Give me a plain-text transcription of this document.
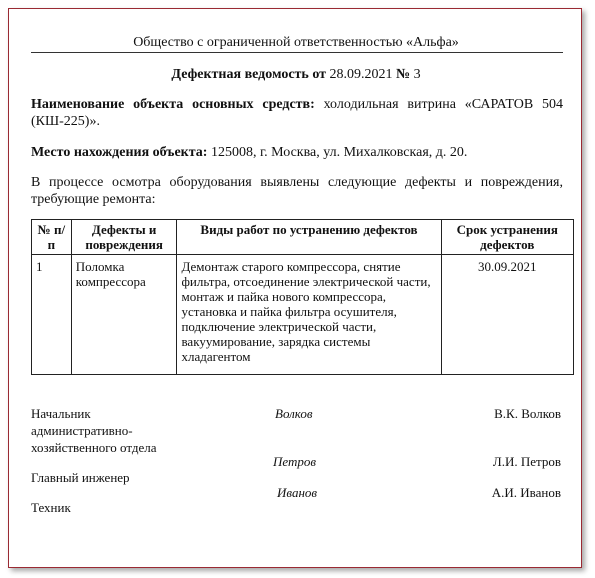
Общество с ограниченной ответственностью «Альфа»
Дефектная ведомость от 28.09.2021 № 3
Наименование объекта основных средств: холодильная витрина «САРАТОВ 504 (КШ-225)».
Место нахождения объекта: 125008, г. Москва, ул. Михалковская, д. 20.
В процессе осмотра оборудования выявлены следующие дефекты и повреждения, требующие ремонта:
№ п/п	Дефекты и повреждения	Виды работ по устранению дефектов	Срок устранения дефектов
1	Поломка компрессора	Демонтаж старого компрессора, снятие фильтра, отсоединение электрической части, монтаж и пайка нового компрессора, установка и пайка фильтра осушителя, подключение электрической части, вакуумирование, зарядка системы хладагентом	30.09.2021
Начальник административно-хозяйственного отдела
Волков	В.К. Волков
Главный инженер
Петров	Л.И. Петров
Техник
Иванов	А.И. Иванов
